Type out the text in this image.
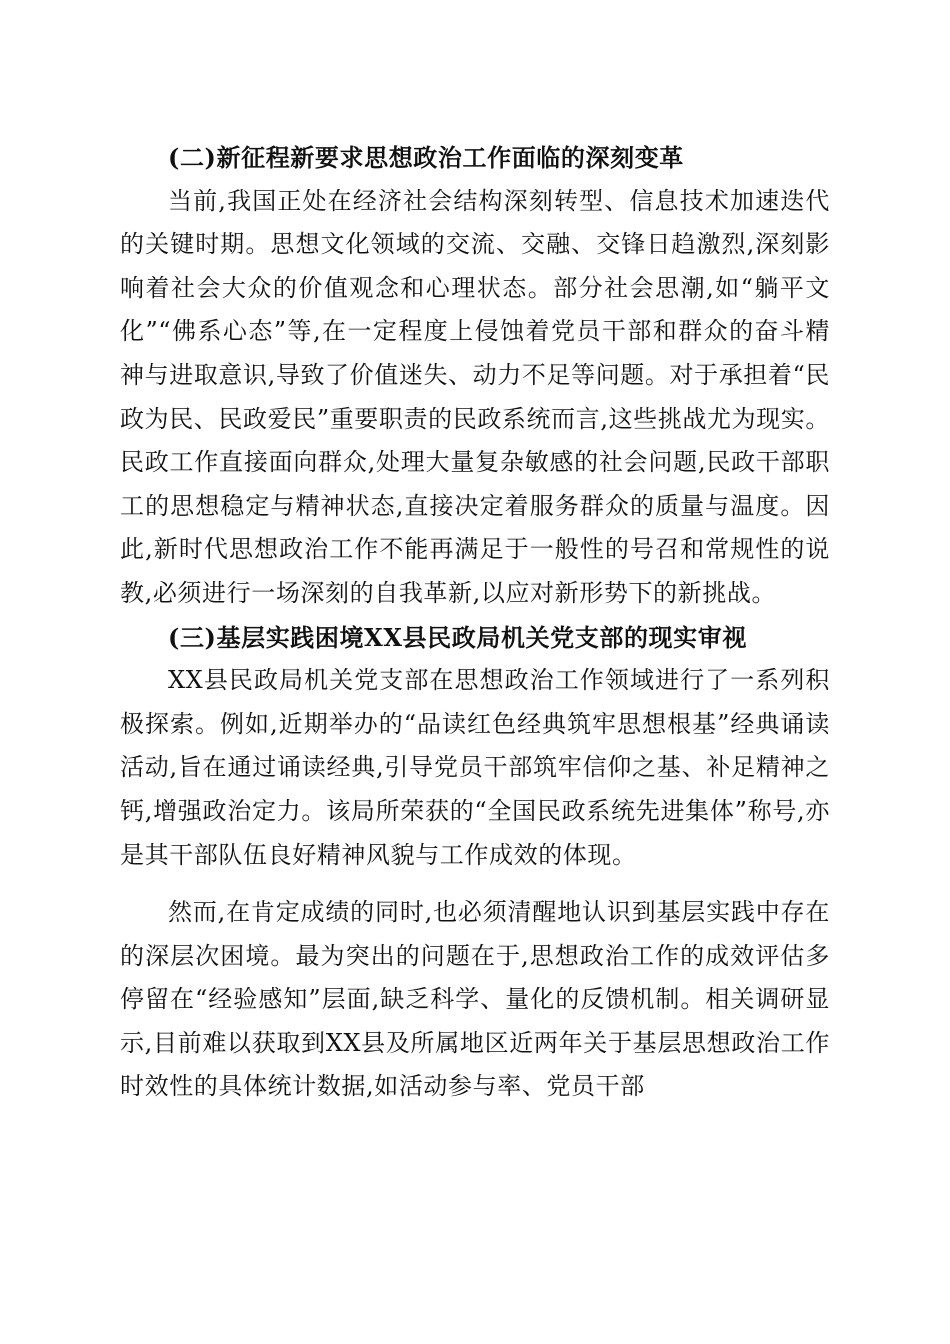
(二)新征程新要求思想政治工作面临的深刻变革

当前,我国正处在经济社会结构深刻转型、信息技术加速迭代的关键时期。思想文化领域的交流、交融、交锋日趋激烈,深刻影响着社会大众的价值观念和心理状态。部分社会思潮,如“躺平文化”“佛系心态”等,在一定程度上侵蚀着党员干部和群众的奋斗精神与进取意识,导致了价值迷失、动力不足等问题。对于承担着“民政为民、民政爱民”重要职责的民政系统而言,这些挑战尤为现实。民政工作直接面向群众,处理大量复杂敏感的社会问题,民政干部职工的思想稳定与精神状态,直接决定着服务群众的质量与温度。因此,新时代思想政治工作不能再满足于一般性的号召和常规性的说教,必须进行一场深刻的自我革新,以应对新形势下的新挑战。

(三)基层实践困境XX县民政局机关党支部的现实审视

XX县民政局机关党支部在思想政治工作领域进行了一系列积极探索。例如,近期举办的“品读红色经典筑牢思想根基”经典诵读活动,旨在通过诵读经典,引导党员干部筑牢信仰之基、补足精神之钙,增强政治定力。该局所荣获的“全国民政系统先进集体”称号,亦是其干部队伍良好精神风貌与工作成效的体现。

然而,在肯定成绩的同时,也必须清醒地认识到基层实践中存在的深层次困境。最为突出的问题在于,思想政治工作的成效评估多停留在“经验感知”层面,缺乏科学、量化的反馈机制。相关调研显示,目前难以获取到XX县及所属地区近两年关于基层思想政治工作时效性的具体统计数据,如活动参与率、党员干部
